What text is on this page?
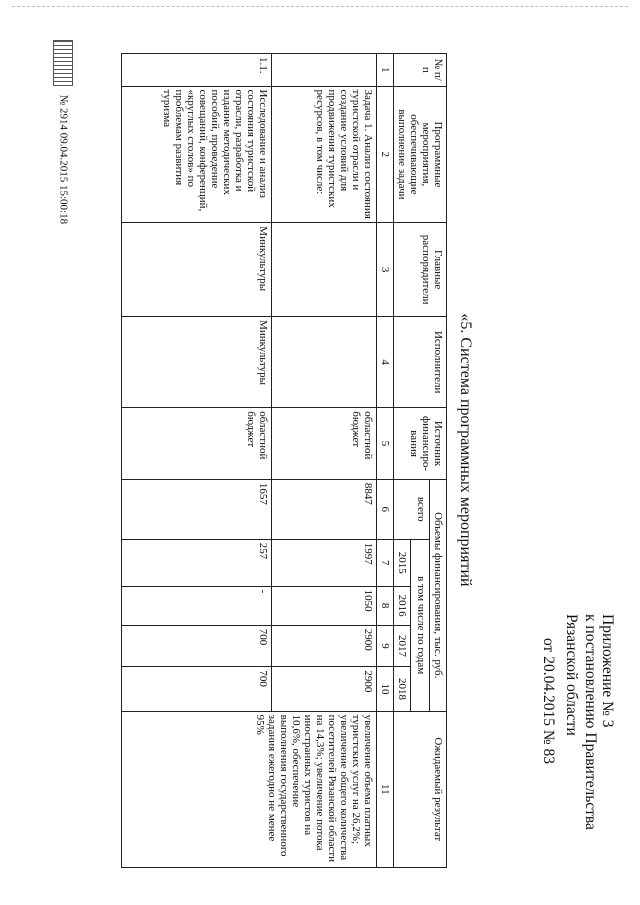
Приложение № 3
к постановлению Правительства
Рязанской области
от 20.04.2015 № 83
«5. Система программных мероприятий
№ п/п	Программные мероприятия, обеспечивающие выполнение задачи	Главные распорядители	Исполнители	Источник финансиро-вания	Объемы финансирования, тыс. руб.					Ожидаемый результат
					всего	в том числе по годам				
						2015	2016	2017	2018	
1	2	3	4	5	6	7	8	9	10	11
	Задача 1. Анализ состояния туристской отрасли и создание условий для продвижения туристских ресурсов, в том числе:			областной бюджет	8847	1997	1050	2900	2900	увеличение объема платных туристских услуг на 26,2%; увеличение общего количества посетителей Рязанской области на 14,3%; увеличение потока иностранных туристов на 10,6%, обеспечение выполнения государственного задания ежегодно не менее 95%
1.1.	Исследование и анализ состояния туристской отрасли, разработка и издание методических пособий, проведение совещаний, конференций, «круглых столов» по проблемам развития туризма	Минкультуры	Минкультуры	областной бюджет	1657	257	-	700	700	
№ 2914 09.04.2015 15:00:18
